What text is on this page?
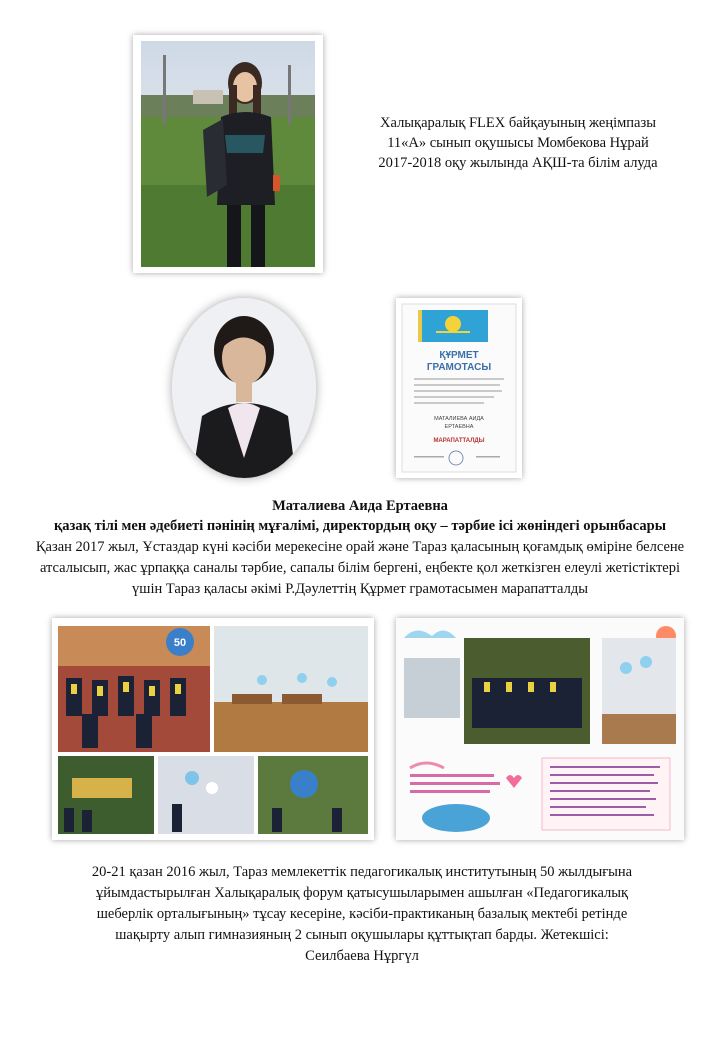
Халықаралық FLEX байқауының жеңімпазы
11«А» сынып оқушысы Момбекова Нұрай
2017-2018 оқу жылында АҚШ-та білім алуда
ҚҰРМЕТ
ГРАМОТАСЫ
МАТАЛИЕВА АИДА
ЕРТАЕВНА
МАРАПАТТАЛДЫ
Маталиева Аида Ертаевна
қазақ тілі мен әдебиеті пәнінің мұғалімі, директордың оқу – тәрбие ісі жөніндегі орынбасары
Қазан 2017 жыл, Ұстаздар күні кәсіби мерекесіне орай және Тараз қаласының қоғамдық өміріне белсене
атсалысып, жас ұрпаққа саналы тәрбие, сапалы білім бергені, еңбекте қол жеткізген елеулі жетістіктері
үшін Тараз қаласы әкімі Р.Дәулеттің Құрмет грамотасымен марапатталды
50
20-21 қазан 2016 жыл, Тараз мемлекеттік педагогикалық институтының 50 жылдығына
ұйымдастырылған Халықаралық форум қатысушыларымен ашылған «Педагогикалық
шеберлік орталығының» тұсау кесеріне, кәсіби-практиканың базалық мектебі ретінде
шақырту алып гимназияның 2 сынып оқушылары құттықтап барды. Жетекшісі:
Сеилбаева Нұргүл
